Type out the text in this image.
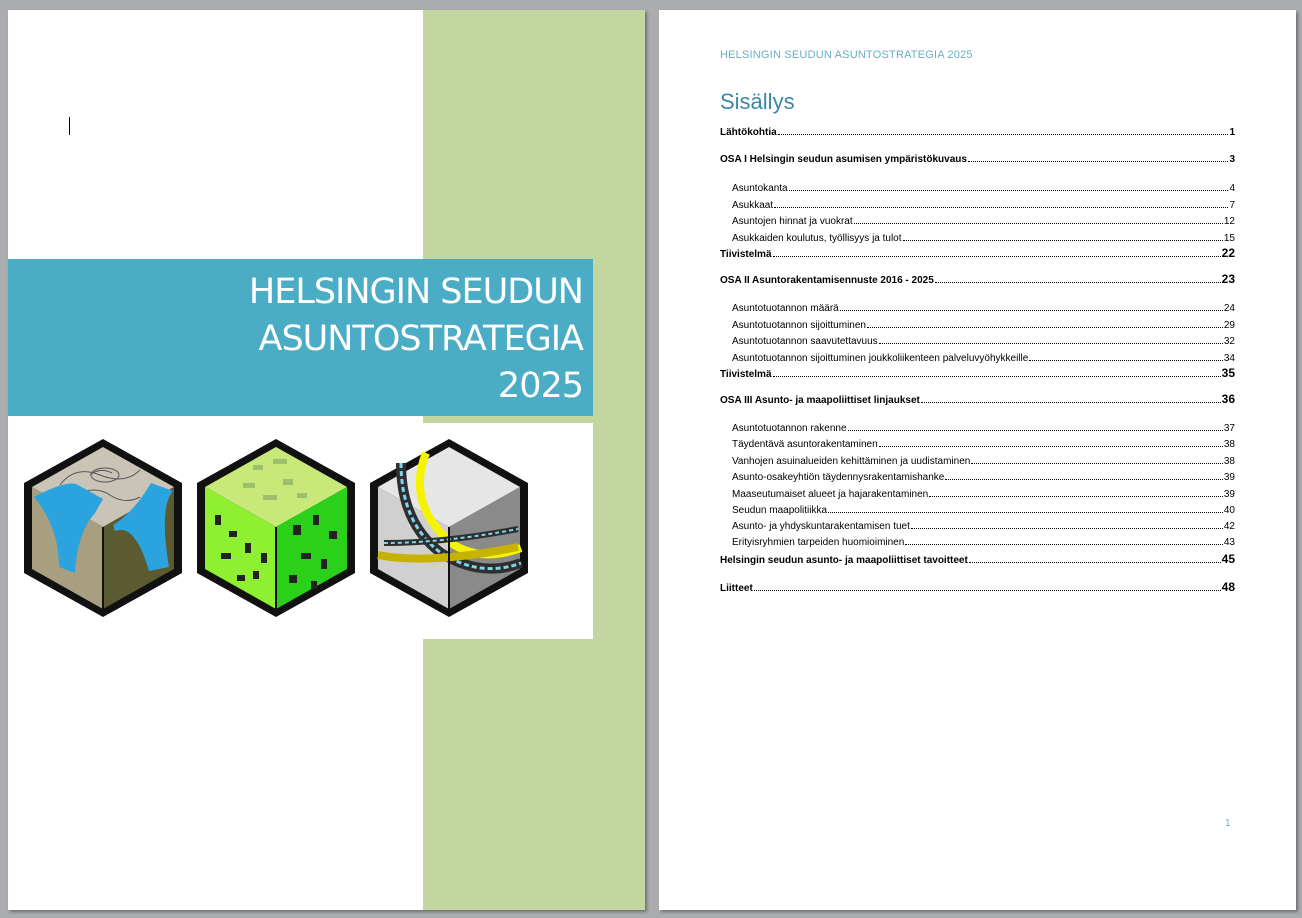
HELSINGIN SEUDUN
ASUNTOSTRATEGIA
2025
HELSINGIN SEUDUN ASUNTOSTRATEGIA 2025
Sisällys
Lähtökohtia	1
OSA I Helsingin seudun asumisen ympäristökuvaus	3
Asuntokanta	4
Asukkaat	7
Asuntojen hinnat ja vuokrat	12
Asukkaiden koulutus, työllisyys ja tulot	15
Tiivistelmä	22
OSA II Asuntorakentamisennuste 2016 - 2025	23
Asuntotuotannon määrä	24
Asuntotuotannon sijoittuminen	29
Asuntotuotannon saavutettavuus	32
Asuntotuotannon sijoittuminen joukkoliikenteen palveluvyöhykkeille	34
Tiivistelmä	35
OSA III Asunto- ja maapoliittiset linjaukset	36
Asuntotuotannon rakenne	37
Täydentävä asuntorakentaminen	38
Vanhojen asuinalueiden kehittäminen ja uudistaminen	38
Asunto-osakeyhtiön täydennysrakentamishanke	39
Maaseutumaiset alueet ja hajarakentaminen	39
Seudun maapolitiikka	40
Asunto- ja yhdyskuntarakentamisen tuet	42
Erityisryhmien tarpeiden huomioiminen	43
Helsingin seudun asunto- ja maapoliittiset tavoitteet	45
Liitteet	48
1
